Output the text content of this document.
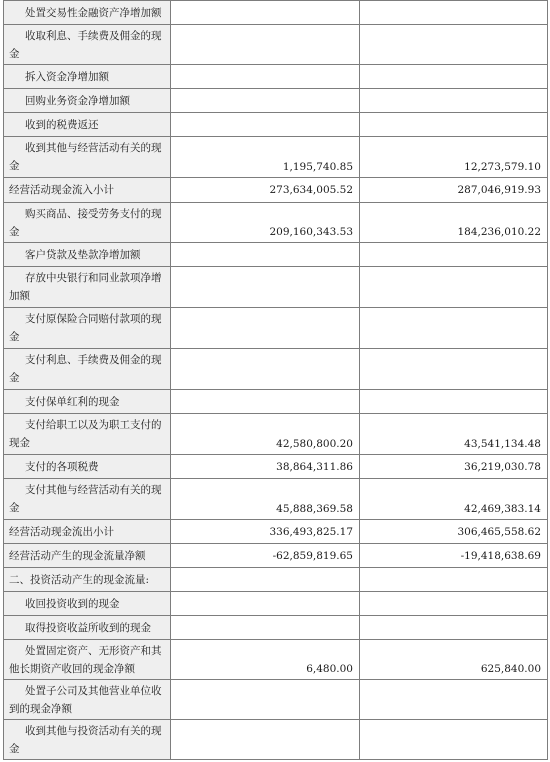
处置交易性金融资产净增加额		
收取利息、手续费及佣金的现金		
拆入资金净增加额		
回购业务资金净增加额		
收到的税费返还		
收到其他与经营活动有关的现金	1,195,740.85	12,273,579.10
经营活动现金流入小计	273,634,005.52	287,046,919.93
购买商品、接受劳务支付的现金	209,160,343.53	184,236,010.22
客户贷款及垫款净增加额		
存放中央银行和同业款项净增加额		
支付原保险合同赔付款项的现金		
支付利息、手续费及佣金的现金		
支付保单红利的现金		
支付给职工以及为职工支付的现金	42,580,800.20	43,541,134.48
支付的各项税费	38,864,311.86	36,219,030.78
支付其他与经营活动有关的现金	45,888,369.58	42,469,383.14
经营活动现金流出小计	336,493,825.17	306,465,558.62
经营活动产生的现金流量净额	-62,859,819.65	-19,418,638.69
二、投资活动产生的现金流量:		
收回投资收到的现金		
取得投资收益所收到的现金		
处置固定资产、无形资产和其他长期资产收回的现金净额	6,480.00	625,840.00
处置子公司及其他营业单位收到的现金净额		
收到其他与投资活动有关的现金		
